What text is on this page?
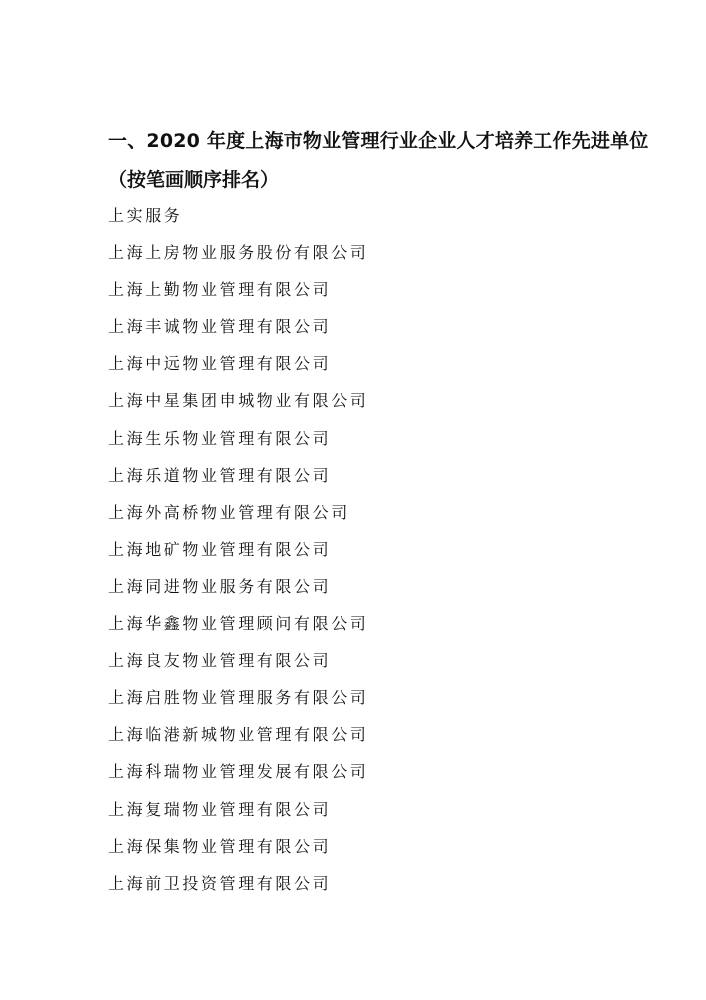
一、2020 年度上海市物业管理行业企业人才培养工作先进单位
（按笔画顺序排名）
上实服务
上海上房物业服务股份有限公司
上海上勤物业管理有限公司
上海丰诚物业管理有限公司
上海中远物业管理有限公司
上海中星集团申城物业有限公司
上海生乐物业管理有限公司
上海乐道物业管理有限公司
上海外高桥物业管理有限公司
上海地矿物业管理有限公司
上海同进物业服务有限公司
上海华鑫物业管理顾问有限公司
上海良友物业管理有限公司
上海启胜物业管理服务有限公司
上海临港新城物业管理有限公司
上海科瑞物业管理发展有限公司
上海复瑞物业管理有限公司
上海保集物业管理有限公司
上海前卫投资管理有限公司
